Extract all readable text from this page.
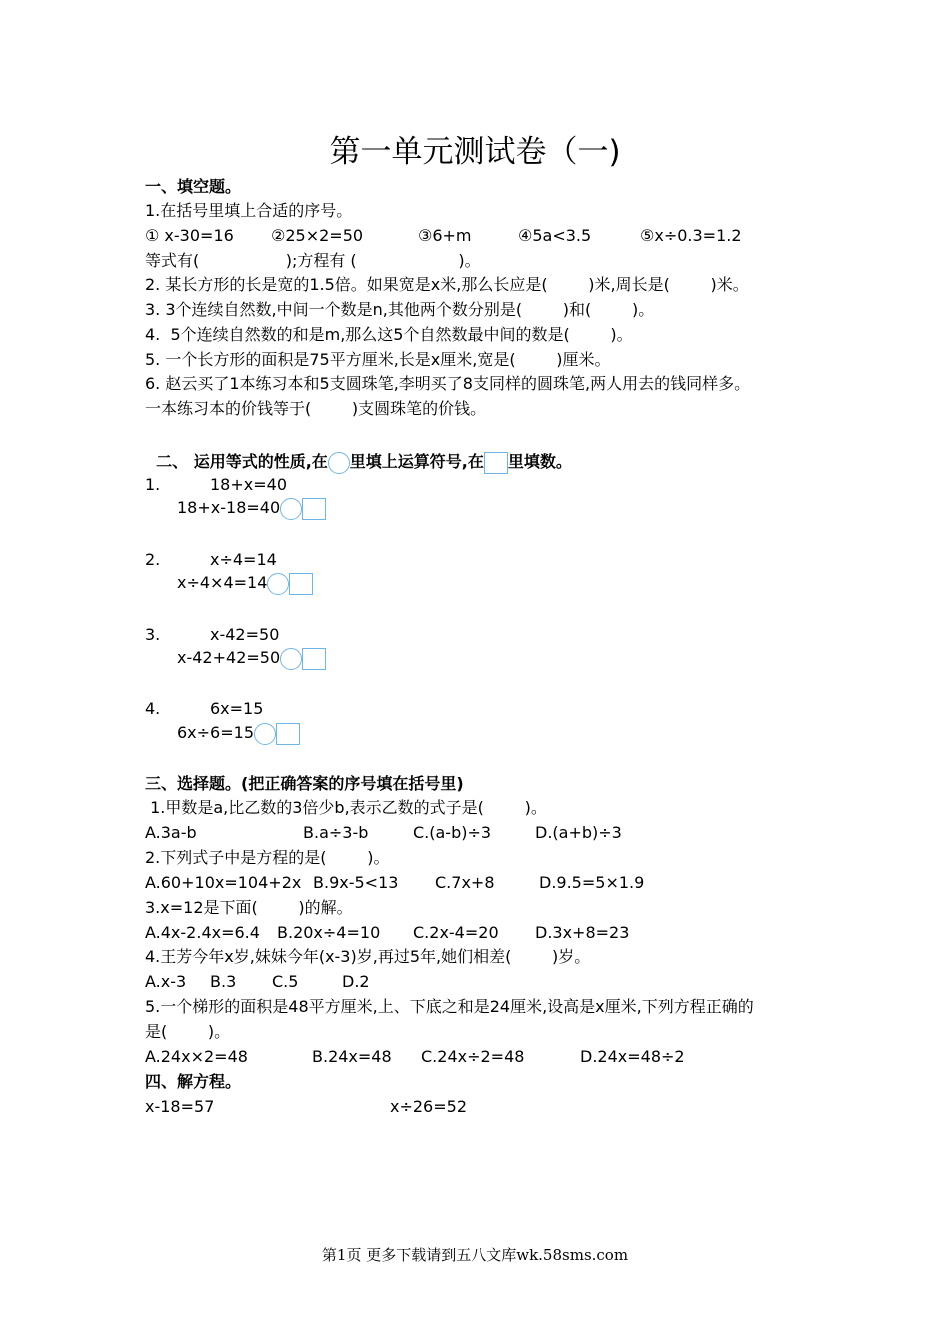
第一单元测试卷（一)
一、填空题。
1.在括号里填上合适的序号。
① x-30=16 ②25×2=50	③6+m	④5a<3.5	⑤x÷0.3=1.2
等式有(                 );方程有 (                    )。
2. 某长方形的长是宽的1.5倍。如果宽是x米,那么长应是(        )米,周长是(        )米。
3. 3个连续自然数,中间一个数是n,其他两个数分别是(        )和(        )。
4.  5个连续自然数的和是m,那么这5个自然数最中间的数是(        )。
5. 一个长方形的面积是75平方厘米,长是x厘米,宽是(        )厘米。
6. 赵云买了1本练习本和5支圆珠笔,李明买了8支同样的圆珠笔,两人用去的钱同样多。
一本练习本的价钱等于(        )支圆珠笔的价钱。

二、 运用等式的性质,在 里填上运算符号,在 里填数。

1.	18+x=40
18+x-18=40
2.	x÷4=14
x÷4×4=14
3.	x-42=50
x-42+42=50
4.	6x=15
6x÷6=15
三、选择题。(把正确答案的序号填在括号里)
1.甲数是a,比乙数的3倍少b,表示乙数的式子是(        )。
A.3a-b	B.a÷3-b	C.(a-b)÷3	D.(a+b)÷3
2.下列式子中是方程的是(        )。
A.60+10x=104+2x B.9x-5<13 C.7x+8	D.9.5=5×1.9
3.x=12是下面(        )的解。
A.4x-2.4x=6.4 B.20x÷4=10 C.2x-4=20 D.3x+8=23
4.王芳今年x岁,妹妹今年(x-3)岁,再过5年,她们相差(        )岁。
A.x-3 B.3 C.5	D.2
5.一个梯形的面积是48平方厘米,上、下底之和是24厘米,设高是x厘米,下列方程正确的
是(        )。
A.24x×2=48	B.24x=48 C.24x÷2=48	D.24x=48÷2
四、解方程。
x-18=57	x÷26=52
第1页 更多下载请到五八文库wk.58sms.com
